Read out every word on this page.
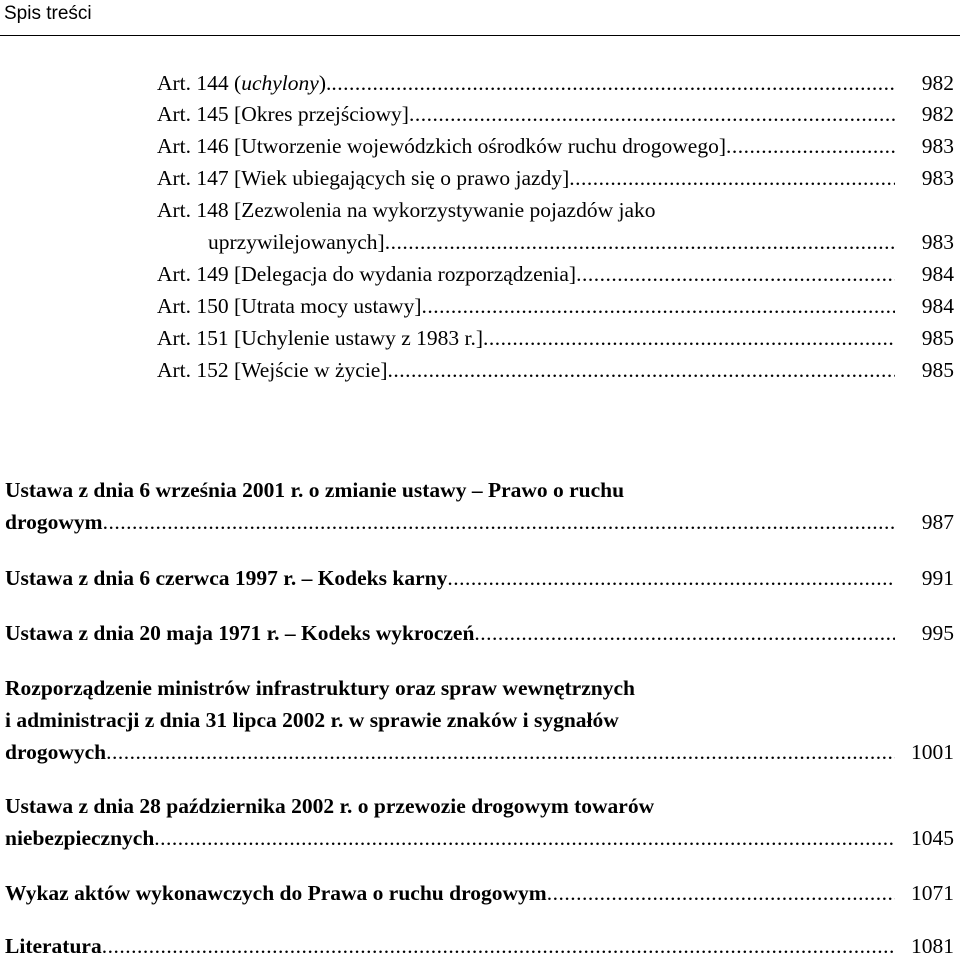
Spis treści
Art. 144 (uchylony). .....	982
Art. 145 [Okres przejściowy] .....	982
Art. 146 [Utworzenie wojewódzkich ośrodków ruchu drogowego] .....	983
Art. 147 [Wiek ubiegających się o prawo jazdy] .....	983
Art. 148 [Zezwolenia na wykorzystywanie pojazdów jako
uprzywilejowanych] .....	983
Art. 149 [Delegacja do wydania rozporządzenia] .....	984
Art. 150 [Utrata mocy ustawy] .....	984
Art. 151 [Uchylenie ustawy z 1983 r.] .....	985
Art. 152 [Wejście w życie] .....	985
Ustawa z dnia 6 września 2001 r. o zmianie ustawy – Prawo o ruchu
drogowym .....	987
Ustawa z dnia 6 czerwca 1997 r. – Kodeks karny .....	991
Ustawa z dnia 20 maja 1971 r. – Kodeks wykroczeń .....	995
Rozporządzenie ministrów infrastruktury oraz spraw wewnętrznych
i administracji z dnia 31 lipca 2002 r. w sprawie znaków i sygnałów
drogowych .....	1001
Ustawa z dnia 28 października 2002 r. o przewozie drogowym towarów
niebezpiecznych .....	1045
Wykaz aktów wykonawczych do Prawa o ruchu drogowym .....	1071
Literatura .....	1081
